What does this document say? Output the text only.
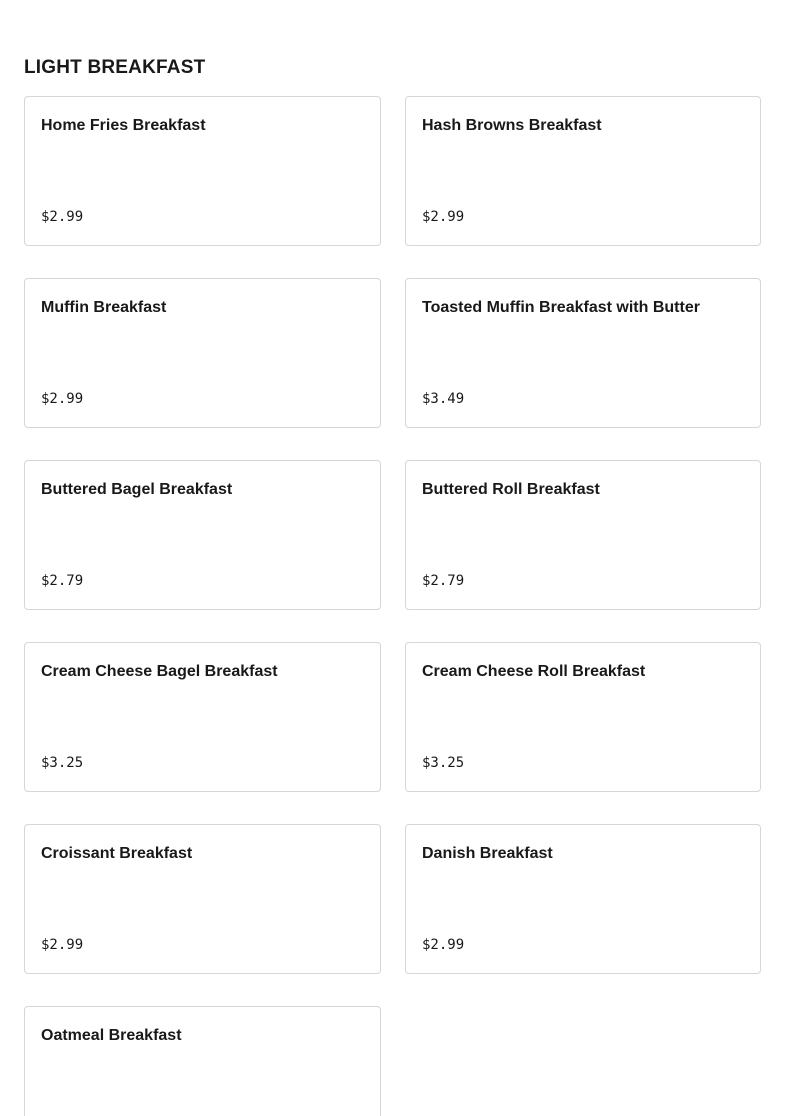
LIGHT BREAKFAST
Home Fries Breakfast
$2.99
Hash Browns Breakfast
$2.99
Muffin Breakfast
$2.99
Toasted Muffin Breakfast with Butter
$3.49
Buttered Bagel Breakfast
$2.79
Buttered Roll Breakfast
$2.79
Cream Cheese Bagel Breakfast
$3.25
Cream Cheese Roll Breakfast
$3.25
Croissant Breakfast
$2.99
Danish Breakfast
$2.99
Oatmeal Breakfast
